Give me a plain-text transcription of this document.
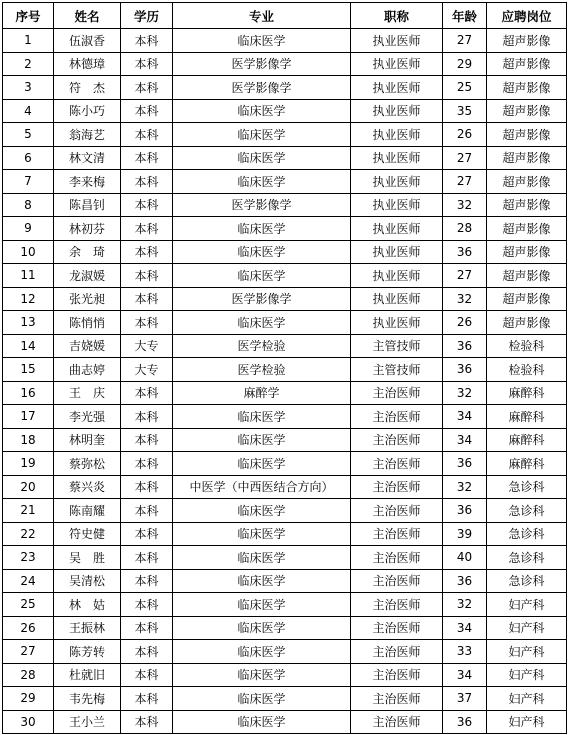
序号	姓名	学历	专业	职称	年龄	应聘岗位
1	伍淑香	本科	临床医学	执业医师	27	超声影像
2	林德璋	本科	医学影像学	执业医师	29	超声影像
3	符　杰	本科	医学影像学	执业医师	25	超声影像
4	陈小巧	本科	临床医学	执业医师	35	超声影像
5	翁海艺	本科	临床医学	执业医师	26	超声影像
6	林文清	本科	临床医学	执业医师	27	超声影像
7	李来梅	本科	临床医学	执业医师	27	超声影像
8	陈昌钊	本科	医学影像学	执业医师	32	超声影像
9	林初芬	本科	临床医学	执业医师	28	超声影像
10	余　琦	本科	临床医学	执业医师	36	超声影像
11	龙淑媛	本科	临床医学	执业医师	27	超声影像
12	张光昶	本科	医学影像学	执业医师	32	超声影像
13	陈悄悄	本科	临床医学	执业医师	26	超声影像
14	吉娆媛	大专	医学检验	主管技师	36	检验科
15	曲志婷	大专	医学检验	主管技师	36	检验科
16	王　庆	本科	麻醉学	主治医师	32	麻醉科
17	李光强	本科	临床医学	主治医师	34	麻醉科
18	林明奎	本科	临床医学	主治医师	34	麻醉科
19	蔡弥松	本科	临床医学	主治医师	36	麻醉科
20	蔡兴炎	本科	中医学（中西医结合方向）	主治医师	32	急诊科
21	陈南耀	本科	临床医学	主治医师	36	急诊科
22	符史健	本科	临床医学	主治医师	39	急诊科
23	吴　胜	本科	临床医学	主治医师	40	急诊科
24	吴清松	本科	临床医学	主治医师	36	急诊科
25	林　姑	本科	临床医学	主治医师	32	妇产科
26	王振林	本科	临床医学	主治医师	34	妇产科
27	陈芳转	本科	临床医学	主治医师	33	妇产科
28	杜就旧	本科	临床医学	主治医师	34	妇产科
29	韦先梅	本科	临床医学	主治医师	37	妇产科
30	王小兰	本科	临床医学	主治医师	36	妇产科
